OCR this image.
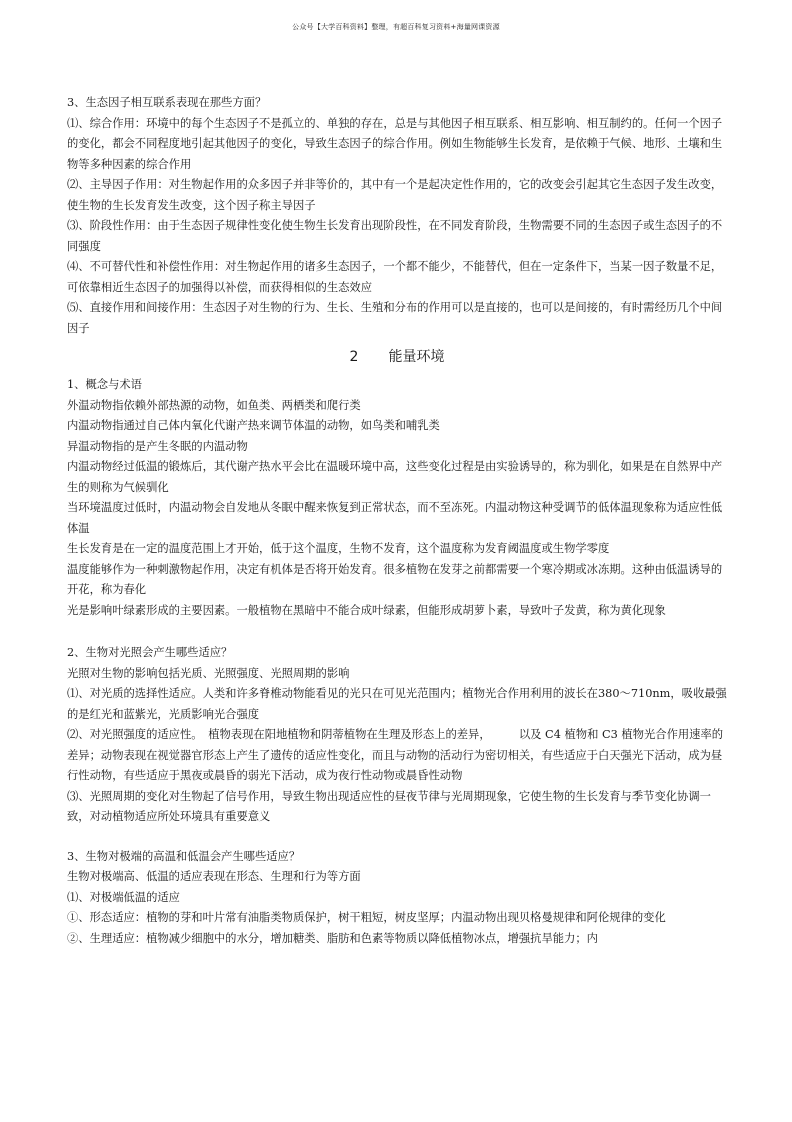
公众号【大学百科资料】整理，有超百科复习资料+海量网课资源

3、生态因子相互联系表现在那些方面？

⑴、综合作用：环境中的每个生态因子不是孤立的、单独的存在，总是与其他因子相互联系、相互影响、相互制约的。任何一个因子的变化，都会不同程度地引起其他因子的变化，导致生态因子的综合作用。例如生物能够生长发育，是依赖于气候、地形、土壤和生物等多种因素的综合作用

⑵、主导因子作用：对生物起作用的众多因子并非等价的，其中有一个是起决定性作用的，它的改变会引起其它生态因子发生改变，使生物的生长发育发生改变，这个因子称主导因子

⑶、阶段性作用：由于生态因子规律性变化使生物生长发育出现阶段性，在不同发育阶段，生物需要不同的生态因子或生态因子的不同强度

⑷、不可替代性和补偿性作用：对生物起作用的诸多生态因子，一个都不能少，不能替代，但在一定条件下，当某一因子数量不足，可依靠相近生态因子的加强得以补偿，而获得相似的生态效应

⑸、直接作用和间接作用：生态因子对生物的行为、生长、生殖和分布的作用可以是直接的，也可以是间接的，有时需经历几个中间因子

2 能量环境

1、概念与术语

外温动物指依赖外部热源的动物，如鱼类、两栖类和爬行类

内温动物指通过自己体内氧化代谢产热来调节体温的动物，如鸟类和哺乳类

异温动物指的是产生冬眠的内温动物

内温动物经过低温的锻炼后，其代谢产热水平会比在温暖环境中高，这些变化过程是由实验诱导的，称为驯化，如果是在自然界中产生的则称为气候驯化

当环境温度过低时，内温动物会自发地从冬眠中醒来恢复到正常状态，而不至冻死。内温动物这种受调节的低体温现象称为适应性低体温

生长发育是在一定的温度范围上才开始，低于这个温度，生物不发育，这个温度称为发育阈温度或生物学零度

温度能够作为一种刺激物起作用，决定有机体是否将开始发育。很多植物在发芽之前都需要一个寒冷期或冰冻期。这种由低温诱导的开花，称为春化

光是影响叶绿素形成的主要因素。一般植物在黑暗中不能合成叶绿素，但能形成胡萝卜素，导致叶子发黄，称为黄化现象

2、生物对光照会产生哪些适应？

光照对生物的影响包括光质、光照强度、光照周期的影响

⑴、对光质的选择性适应。人类和许多脊椎动物能看见的光只在可见光范围内；植物光合作用利用的波长在380～710nm，吸收最强的是红光和蓝紫光，光质影响光合强度

⑵、对光照强度的适应性。　植物表现在阳地植物和阴蒂植物在生理及形态上的差异，　　　以及 C4 植物和 C3 植物光合作用速率的差异；动物表现在视觉器官形态上产生了遗传的适应性变化，而且与动物的活动行为密切相关，有些适应于白天强光下活动，成为昼行性动物，有些适应于黑夜或晨昏的弱光下活动，成为夜行性动物或晨昏性动物

⑶、光照周期的变化对生物起了信号作用，导致生物出现适应性的昼夜节律与光周期现象，它使生物的生长发育与季节变化协调一致，对动植物适应所处环境具有重要意义

3、生物对极端的高温和低温会产生哪些适应？

生物对极端高、低温的适应表现在形态、生理和行为等方面

⑴、对极端低温的适应

①、形态适应：植物的芽和叶片常有油脂类物质保护，树干粗短，树皮坚厚；内温动物出现贝格曼规律和阿伦规律的变化

②、生理适应：植物减少细胞中的水分，增加糖类、脂肪和色素等物质以降低植物冰点，增强抗旱能力；内
